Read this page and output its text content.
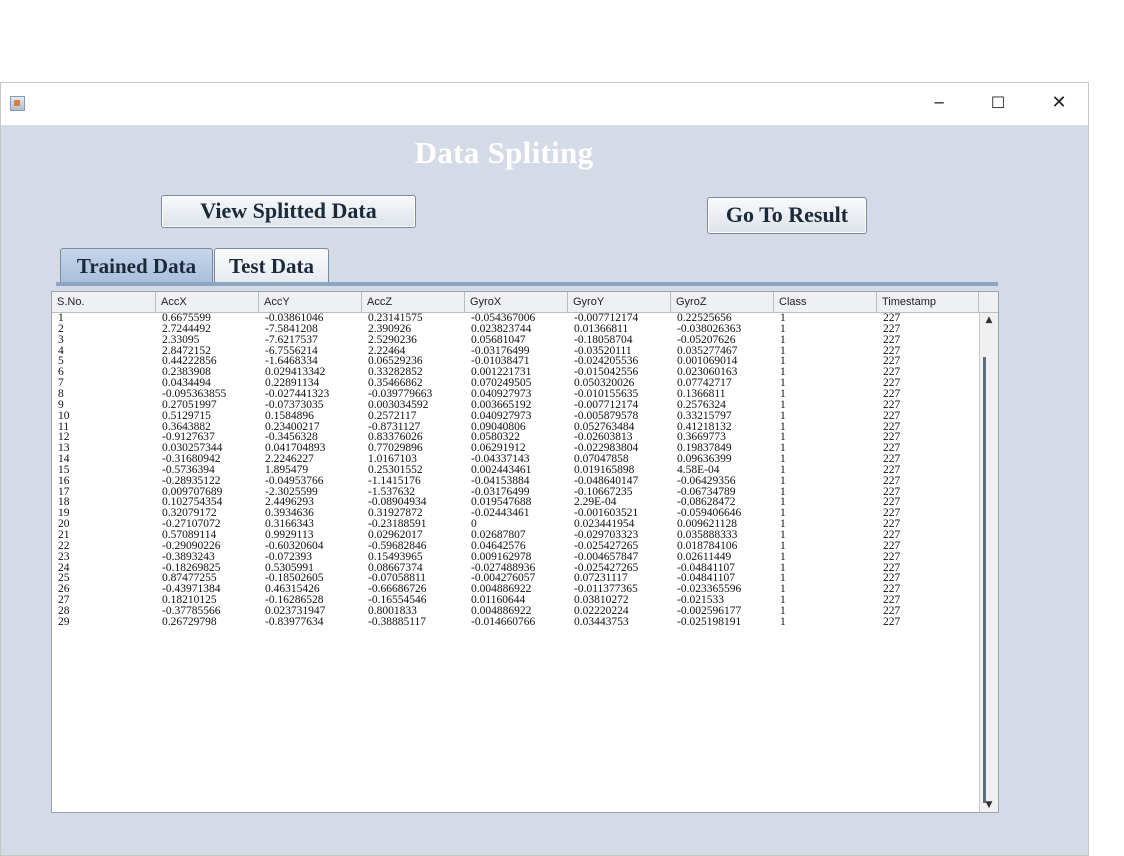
─	☐	✕
Data Spliting
View Splitted Data	Go To Result
Trained Data	Test Data
S.No.	AccX	AccY	AccZ	GyroX	GyroY	GyroZ	Class	Timestamp
1	0.6675599	-0.03861046	0.23141575	-0.054367006	-0.007712174	0.22525656	1	227
2	2.7244492	-7.5841208	2.390926	0.023823744	0.01366811	-0.038026363	1	227
3	2.33095	-7.6217537	2.5290236	0.05681047	-0.18058704	-0.05207626	1	227
4	2.8472152	-6.7556214	2.22464	-0.03176499	-0.03520111	0.035277467	1	227
5	0.44222856	-1.6468334	0.06529236	-0.01038471	-0.024205536	0.001069014	1	227
6	0.2383908	0.029413342	0.33282852	0.001221731	-0.015042556	0.023060163	1	227
7	0.0434494	0.22891134	0.35466862	0.070249505	0.050320026	0.07742717	1	227
8	-0.095363855	-0.027441323	-0.039779663	0.040927973	-0.010155635	0.1366811	1	227
9	0.27051997	-0.07373035	0.003034592	0.003665192	-0.007712174	0.2576324	1	227
10	0.5129715	0.1584896	0.2572117	0.040927973	-0.005879578	0.33215797	1	227
11	0.3643882	0.23400217	-0.8731127	0.09040806	0.052763484	0.41218132	1	227
12	-0.9127637	-0.3456328	0.83376026	0.0580322	-0.02603813	0.3669773	1	227
13	0.030257344	0.041704893	0.77029896	0.06291912	-0.022983804	0.19837849	1	227
14	-0.31680942	2.2246227	1.0167103	-0.04337143	0.07047858	0.09636399	1	227
15	-0.5736394	1.895479	0.25301552	0.002443461	0.019165898	4.58E-04	1	227
16	-0.28935122	-0.04953766	-1.1415176	-0.04153884	-0.048640147	-0.06429356	1	227
17	0.009707689	-2.3025599	-1.537632	-0.03176499	-0.10667235	-0.06734789	1	227
18	0.102754354	2.4496293	-0.08904934	0.019547688	2.29E-04	-0.08628472	1	227
19	0.32079172	0.3934636	0.31927872	-0.02443461	-0.001603521	-0.059406646	1	227
20	-0.27107072	0.3166343	-0.23188591	0	0.023441954	0.009621128	1	227
21	0.57089114	0.9929113	0.02962017	0.02687807	-0.029703323	0.035888333	1	227
22	-0.29090226	-0.60320604	-0.59682846	0.04642576	-0.025427265	0.018784106	1	227
23	-0.3893243	-0.072393	0.15493965	0.009162978	-0.004657847	0.02611449	1	227
24	-0.18269825	0.5305991	0.08667374	-0.027488936	-0.025427265	-0.04841107	1	227
25	0.87477255	-0.18502605	-0.07058811	-0.004276057	0.07231117	-0.04841107	1	227
26	-0.43971384	0.46315426	-0.66686726	0.004886922	-0.011377365	-0.023365596	1	227
27	0.18210125	-0.16286528	-0.16554546	0.01160644	0.03810272	-0.021533	1	227
28	-0.37785566	0.023731947	0.8001833	0.004886922	0.02220224	-0.002596177	1	227
29	0.26729798	-0.83977634	-0.38885117	-0.014660766	0.03443753	-0.025198191	1	227
▲
▼
